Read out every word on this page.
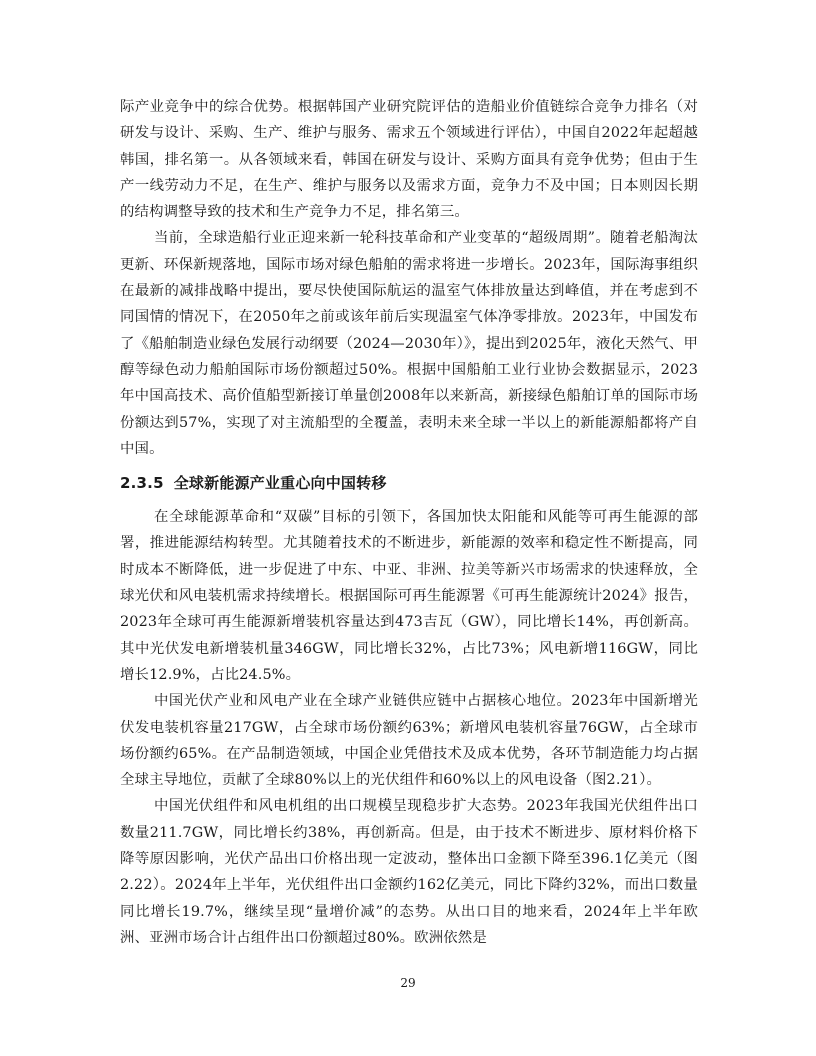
际产业竞争中的综合优势。根据韩国产业研究院评估的造船业价值链综合竞争力排名（对研发与设计、采购、生产、维护与服务、需求五个领域进行评估），中国自2022年起超越韩国，排名第一。从各领域来看，韩国在研发与设计、采购方面具有竞争优势；但由于生产一线劳动力不足，在生产、维护与服务以及需求方面，竞争力不及中国；日本则因长期的结构调整导致的技术和生产竞争力不足，排名第三。

当前，全球造船行业正迎来新一轮科技革命和产业变革的“超级周期”。随着老船淘汰更新、环保新规落地，国际市场对绿色船舶的需求将进一步增长。2023年，国际海事组织在最新的减排战略中提出，要尽快使国际航运的温室气体排放量达到峰值，并在考虑到不同国情的情况下，在2050年之前或该年前后实现温室气体净零排放。2023年，中国发布了《船舶制造业绿色发展行动纲要（2024—2030年）》，提出到2025年，液化天然气、甲醇等绿色动力船舶国际市场份额超过50%。根据中国船舶工业行业协会数据显示，2023年中国高技术、高价值船型新接订单量创2008年以来新高，新接绿色船舶订单的国际市场份额达到57%，实现了对主流船型的全覆盖，表明未来全球一半以上的新能源船都将产自中国。

2.3.5 全球新能源产业重心向中国转移

在全球能源革命和“双碳”目标的引领下，各国加快太阳能和风能等可再生能源的部署，推进能源结构转型。尤其随着技术的不断进步，新能源的效率和稳定性不断提高，同时成本不断降低，进一步促进了中东、中亚、非洲、拉美等新兴市场需求的快速释放，全球光伏和风电装机需求持续增长。根据国际可再生能源署《可再生能源统计2024》报告，2023年全球可再生能源新增装机容量达到473吉瓦（GW），同比增长14%，再创新高。其中光伏发电新增装机量346GW，同比增长32%，占比73%；风电新增116GW，同比增长12.9%，占比24.5%。

中国光伏产业和风电产业在全球产业链供应链中占据核心地位。2023年中国新增光伏发电装机容量217GW，占全球市场份额约63%；新增风电装机容量76GW，占全球市场份额约65%。在产品制造领域，中国企业凭借技术及成本优势，各环节制造能力均占据全球主导地位，贡献了全球80%以上的光伏组件和60%以上的风电设备（图2.21）。

中国光伏组件和风电机组的出口规模呈现稳步扩大态势。2023年我国光伏组件出口数量211.7GW，同比增长约38%，再创新高。但是，由于技术不断进步、原材料价格下降等原因影响，光伏产品出口价格出现一定波动，整体出口金额下降至396.1亿美元（图2.22）。2024年上半年，光伏组件出口金额约162亿美元，同比下降约32%，而出口数量同比增长19.7%，继续呈现“量增价减”的态势。从出口目的地来看，2024年上半年欧洲、亚洲市场合计占组件出口份额超过80%。欧洲依然是

29
